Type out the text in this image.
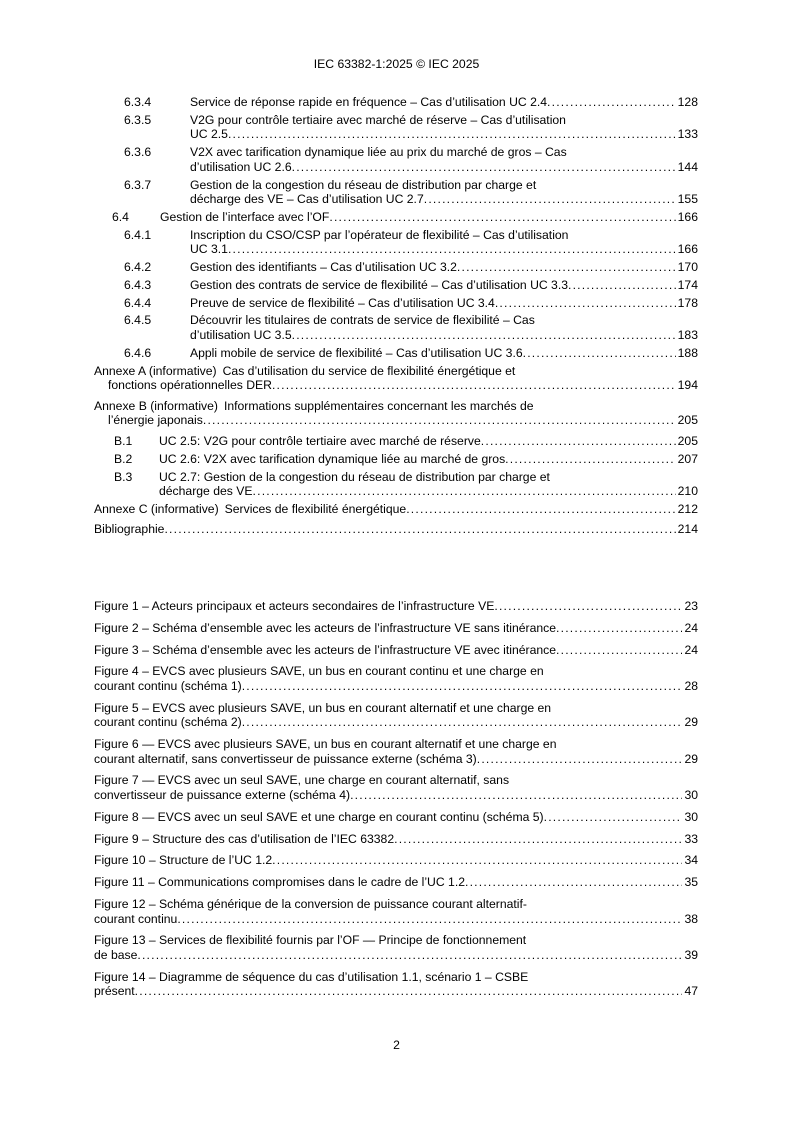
IEC 63382-1:2025 © IEC 2025
6.3.4	Service de réponse rapide en fréquence – Cas d’utilisation UC 2.4 .....	128
6.3.5	V2G pour contrôle tertiaire avec marché de réserve – Cas d’utilisation
UC 2.5 .....	133
6.3.6	V2X avec tarification dynamique liée au prix du marché de gros – Cas
d’utilisation UC 2.6 .....	144
6.3.7	Gestion de la congestion du réseau de distribution par charge et
décharge des VE – Cas d’utilisation UC 2.7 .....	155
6.4	Gestion de l’interface avec l’OF .....	166
6.4.1	Inscription du CSO/CSP par l’opérateur de flexibilité – Cas d’utilisation
UC 3.1 .....	166
6.4.2	Gestion des identifiants – Cas d’utilisation UC 3.2 .....	170
6.4.3	Gestion des contrats de service de flexibilité – Cas d’utilisation UC 3.3 .....	174
6.4.4	Preuve de service de flexibilité – Cas d’utilisation UC 3.4 .....	178
6.4.5	Découvrir les titulaires de contrats de service de flexibilité – Cas
d’utilisation UC 3.5 .....	183
6.4.6	Appli mobile de service de flexibilité – Cas d’utilisation UC 3.6 .....	188
Annexe A (informative) Cas d’utilisation du service de flexibilité énergétique et
fonctions opérationnelles DER .....	194
Annexe B (informative) Informations supplémentaires concernant les marchés de
l’énergie japonais .....	205
B.1	UC 2.5: V2G pour contrôle tertiaire avec marché de réserve .....	205
B.2	UC 2.6: V2X avec tarification dynamique liée au marché de gros .....	207
B.3	UC 2.7: Gestion de la congestion du réseau de distribution par charge et
décharge des VE .....	210
Annexe C (informative) Services de flexibilité énergétique .....	212
Bibliographie .....	214
Figure 1 – Acteurs principaux et acteurs secondaires de l’infrastructure VE .....	23
Figure 2 – Schéma d’ensemble avec les acteurs de l’infrastructure VE sans itinérance .....	24
Figure 3 – Schéma d’ensemble avec les acteurs de l’infrastructure VE avec itinérance .....	24
Figure 4 – EVCS avec plusieurs SAVE, un bus en courant continu et une charge en
courant continu (schéma 1) .....	28
Figure 5 – EVCS avec plusieurs SAVE, un bus en courant alternatif et une charge en
courant continu (schéma 2) .....	29
Figure 6 — EVCS avec plusieurs SAVE, un bus en courant alternatif et une charge en
courant alternatif, sans convertisseur de puissance externe (schéma 3) .....	29
Figure 7 — EVCS avec un seul SAVE, une charge en courant alternatif, sans
convertisseur de puissance externe (schéma 4) .....	30
Figure 8 — EVCS avec un seul SAVE et une charge en courant continu (schéma 5) .....	30
Figure 9 – Structure des cas d’utilisation de l’IEC 63382 .....	33
Figure 10 – Structure de l’UC 1.2 .....	34
Figure 11 – Communications compromises dans le cadre de l’UC 1.2 .....	35
Figure 12 – Schéma générique de la conversion de puissance courant alternatif-
courant continu .....	38
Figure 13 – Services de flexibilité fournis par l’OF — Principe de fonctionnement
de base .....	39
Figure 14 – Diagramme de séquence du cas d’utilisation 1.1, scénario 1 – CSBE
présent .....	47
2
